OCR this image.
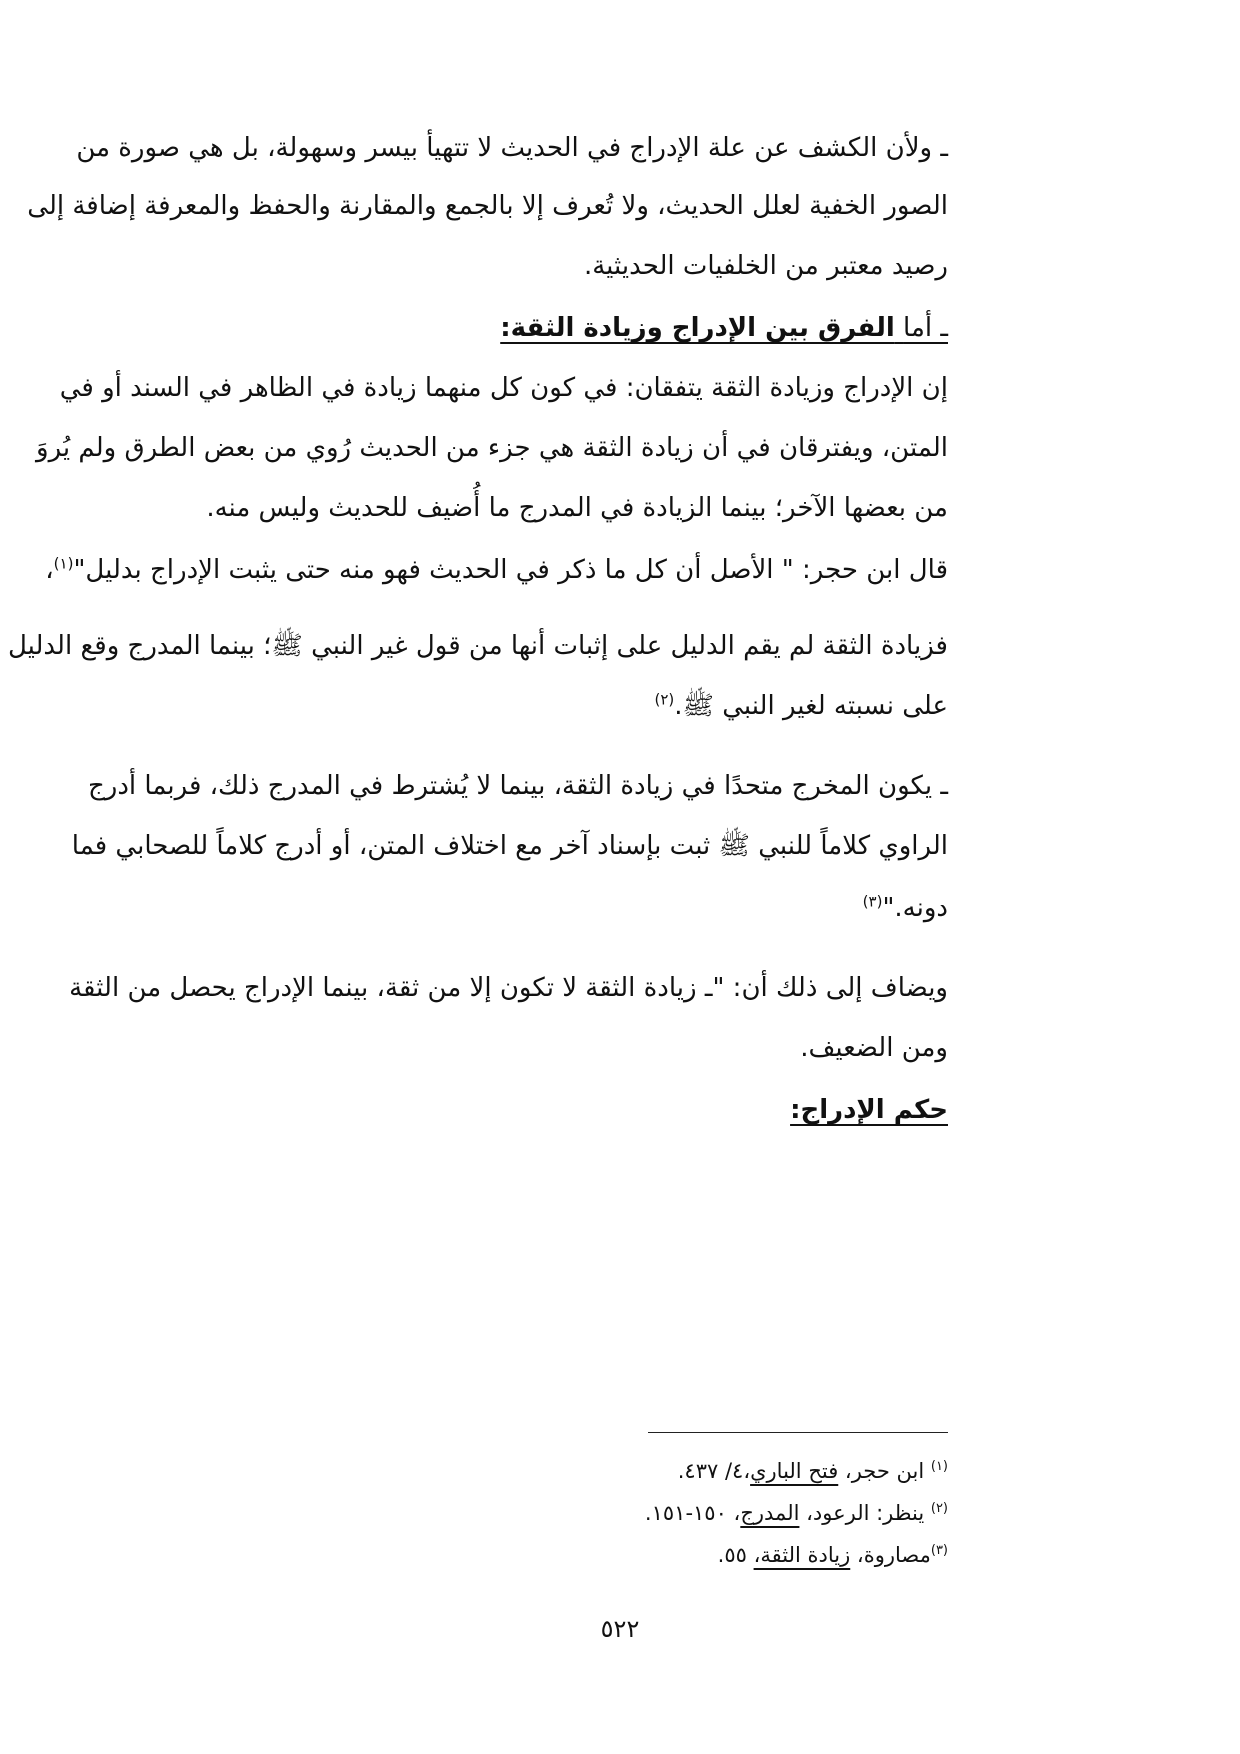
ـ ولأن الكشف عن علة الإدراج في الحديث لا تتهيأ بيسر وسهولة، بل هي صورة من
الصور الخفية لعلل الحديث، ولا تُعرف إلا بالجمع والمقارنة والحفظ والمعرفة إضافة إلى
رصيد معتبر من الخلفيات الحديثية.
ـ أما الفرق بين الإدراج وزيادة الثقة:
إن الإدراج وزيادة الثقة يتفقان: في كون كل منهما زيادة في الظاهر في السند أو في
المتن، ويفترقان في أن زيادة الثقة هي جزء من الحديث رُوي من بعض الطرق ولم يُروَ
من بعضها الآخر؛ بينما الزيادة في المدرج ما أُضيف للحديث وليس منه.
قال ابن حجر: " الأصل أن كل ما ذكر في الحديث فهو منه حتى يثبت الإدراج بدليل"$^{(١)}$،
فزيادة الثقة لم يقم الدليل على إثبات أنها من قول غير النبي ﷺ؛ بينما المدرج وقع الدليل
على نسبته لغير النبي ﷺ.$^{(٢)}$
ـ يكون المخرج متحدًا في زيادة الثقة، بينما لا يُشترط في المدرج ذلك، فربما أدرج
الراوي كلاماً للنبي ﷺ ثبت بإسناد آخر مع اختلاف المتن، أو أدرج كلاماً للصحابي فما
دونه."$^{(٣)}$
ويضاف إلى ذلك أن: "ـ زيادة الثقة لا تكون إلا من ثقة، بينما الإدراج يحصل من الثقة
ومن الضعيف.
حكم الإدراج:
$^{(١)}$ ابن حجر، فتح الباري،٤/ ٤٣٧.
$^{(٢)}$ ينظر: الرعود، المدرج، ١٥٠-١٥١.
$^{(٣)}$مصاروة، زيادة الثقة، ٥٥.
٥٢٢
